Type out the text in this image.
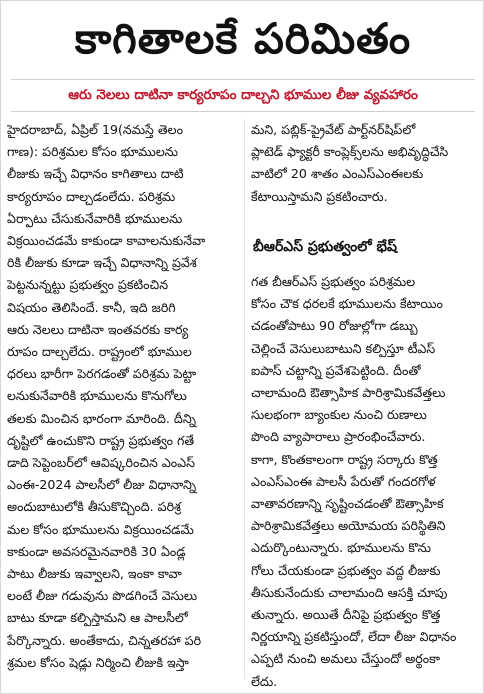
కాగితాలకే పరిమితం
ఆరు నెలలు దాటినా కార్యరూపం దాల్చని భూముల లీజు వ్యవహారం

హైదరాబాద్, ఏప్రిల్ 19(నమస్తే తెలం

గాణ): పరిశ్రమల కోసం భూములను

లీజుకు ఇచ్చే విధానం కాగితాలు దాటి

కార్యరూపం దాల్చడంలేదు. పరిశ్రమ

ఏర్పాటు చేసుకునేవారికి భూములను

విక్రయించడమే కాకుండా కావాలనుకునేవా

రికి లీజుకు కూడా ఇచ్చే విధానాన్ని ప్రవేశ

పెట్టనున్నట్టు ప్రభుత్వం ప్రకటించిన

విషయం తెలిసిందే. కానీ, ఇది జరిగి

ఆరు నెలలు దాటినా ఇంతవరకు కార్య

రూపం దాల్చలేదు. రాష్ట్రంలో భూముల

ధరలు భారీగా పెరగడంతో పరిశ్రమ పెట్టా

లనుకునేవారికి భూములను కొనుగోలు

తలకు మించిన భారంగా మారింది. దీన్ని

దృష్టిలో ఉంచుకొని రాష్ట్ర ప్రభుత్వం గతే

డాది సెప్టెంబర్‌లో ఆవిష్కరించిన ఎంఎస్

ఎంఈ-2024 పాలసీలో లీజు విధానాన్ని

అందుబాటులోకి తీసుకొచ్చింది. పరిశ్ర

మల కోసం భూములను విక్రయించడమే

కాకుండా అవసరమైనవారికి 30 ఏండ్ల

పాటు లీజుకు ఇవ్వాలని, ఇంకా కావా

లంటే లీజు గడువును పొడగించే వెసులు

బాటు కూడా కల్పిస్తామని ఆ పాలసీలో

పేర్కొన్నారు. అంతేకాదు, చిన్నతరహా పరి

శ్రమల కోసం షెడ్లు నిర్మించి లీజుకి ఇస్తా

మని, పబ్లిక్-ప్రైవేట్ పార్ట్‌నర్‌షిప్‌లో

ప్లాటెడ్ ఫ్యాక్టరీ కాంప్లెక్స్‌లను అభివృద్ధిచేసి

వాటిలో 20 శాతం ఎంఎస్‌ఎంఈలకు

కేటాయిస్తామని ప్రకటించారు.

బీఆర్‌ఎస్ ప్రభుత్వంలో భేష్

గత బీఆర్‌ఎస్ ప్రభుత్వం పరిశ్రమల

కోసం చౌక ధరలకే భూములను కేటాయిం

చడంతోపాటు 90 రోజుల్లోగా డబ్బు

చెల్లించే వెసులుబాటుని కల్పిస్తూ టీఎస్

ఐపాస్ చట్టాన్ని ప్రవేశపెట్టింది. దీంతో

చాలామంది ఔత్సాహిక పారిశ్రామికవేత్తలు

సులభంగా బ్యాంకుల నుంచి రుణాలు

పొంది వ్యాపారాలు ప్రారంభించేవారు.

కాగా, కొంతకాలంగా రాష్ట్ర సర్కారు కొత్త

ఎంఎస్‌ఎంఈ పాలసీ పేరుతో గందరగోళ

వాతావరణాన్ని సృష్టించడంతో ఔత్సాహిక

పారిశ్రామికవేత్తలు అయోమయ పరిస్థితిని

ఎదుర్కొంటున్నారు. భూములను కొను

గోలు చేయకుండా ప్రభుత్వం వద్ద లీజుకు

తీసుకునేందుకు చాలామంది ఆసక్తి చూపు

తున్నారు. అయితే దీనిపై ప్రభుత్వం కొత్త

నిర్ణయాన్ని ప్రకటిస్తుందో, లేదా లీజు విధానం

ఎప్పటి నుంచి అమలు చేస్తుందో అర్థంకా

లేదు.
